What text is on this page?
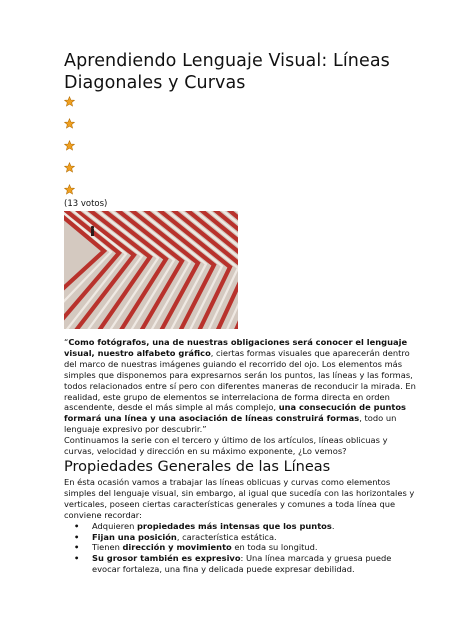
Aprendiendo Lenguaje Visual: Líneas Diagonales y Curvas
(13 votos)

“Como fotógrafos, una de nuestras obligaciones será conocer el lenguaje visual, nuestro alfabeto gráfico, ciertas formas visuales que aparecerán dentro del marco de nuestras imágenes guiando el recorrido del ojo. Los elementos más simples que disponemos para expresarnos serán los puntos, las líneas y las formas, todos relacionados entre sí pero con diferentes maneras de reconducir la mirada. En realidad, este grupo de elementos se interrelaciona de forma directa en orden ascendente, desde el más simple al más complejo, una consecución de puntos formará una línea y una asociación de líneas construirá formas, todo un lenguaje expresivo por descubrir.”

Continuamos la serie con el tercero y último de los artículos, líneas oblicuas y curvas, velocidad y dirección en su máximo exponente, ¿Lo vemos?

Propiedades Generales de las Líneas

En ésta ocasión vamos a trabajar las líneas oblicuas y curvas como elementos simples del lenguaje visual, sin embargo, al igual que sucedía con las horizontales y verticales, poseen ciertas características generales y comunes a toda línea que conviene recordar:

• Adquieren propiedades más intensas que los puntos.
• Fijan una posición, característica estática.
• Tienen dirección y movimiento en toda su longitud.
• Su grosor también es expresivo: Una línea marcada y gruesa puede evocar fortaleza, una fina y delicada puede expresar debilidad.
